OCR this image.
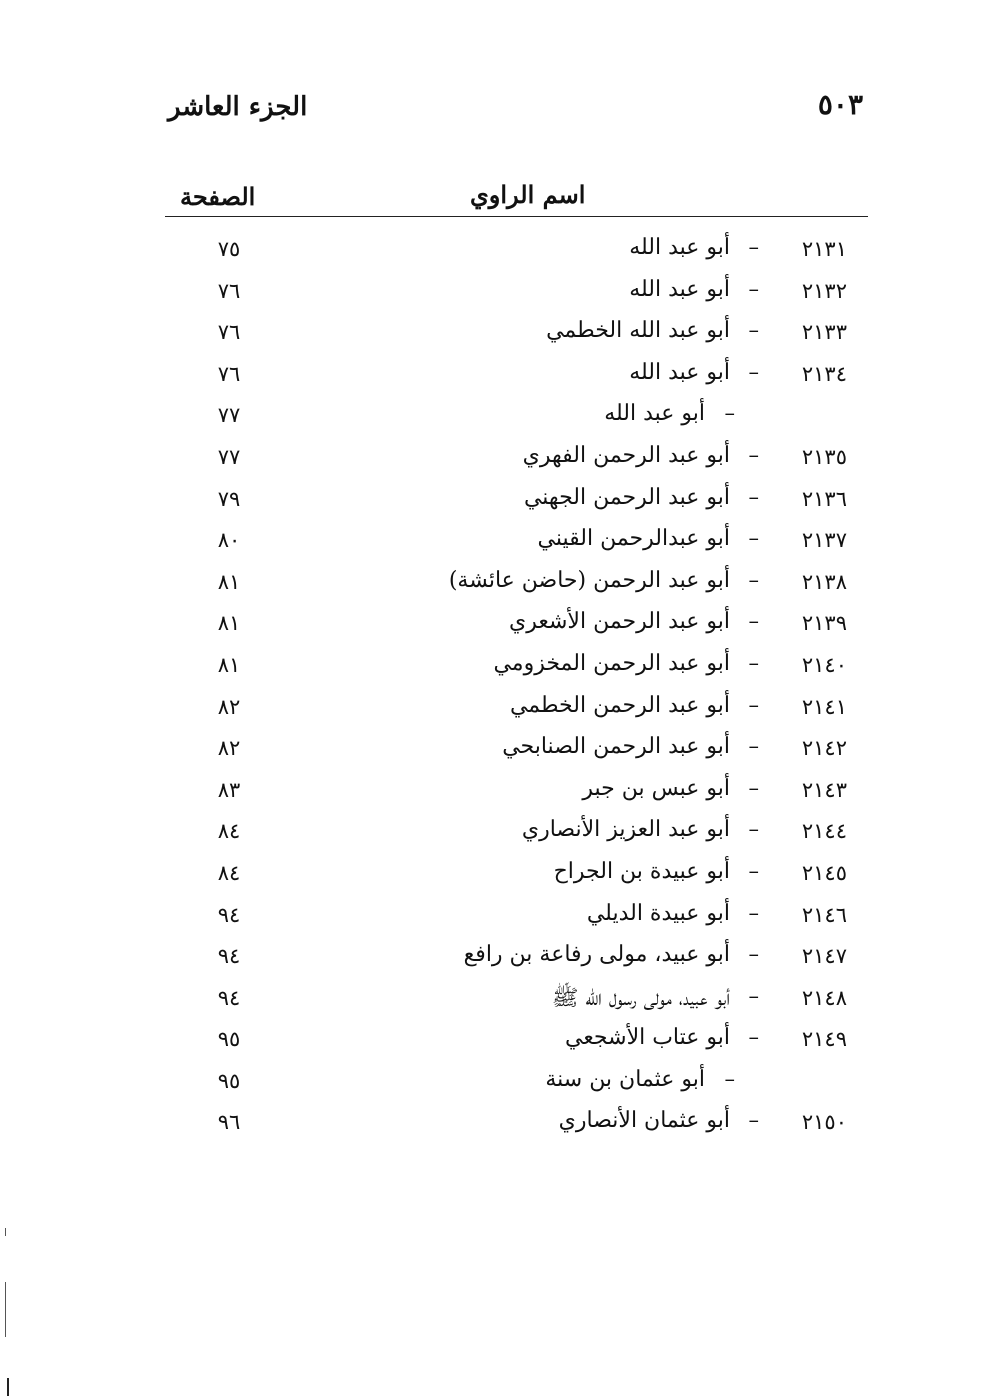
٥٠٣
الجزء العاشر
الصفحة	اسم الراوي
٢١٣١
–
أبو عبد الله
٧٥
٢١٣٢
–
أبو عبد الله
٧٦
٢١٣٣
–
أبو عبد الله الخطمي
٧٦
٢١٣٤
–
أبو عبد الله
٧٦
–
أبو عبد الله
٧٧
٢١٣٥
–
أبو عبد الرحمن الفهري
٧٧
٢١٣٦
–
أبو عبد الرحمن الجهني
٧٩
٢١٣٧
–
أبو عبدالرحمن القيني
٨٠
٢١٣٨
–
أبو عبد الرحمن (حاضن عائشة)
٨١
٢١٣٩
–
أبو عبد الرحمن الأشعري
٨١
٢١٤٠
–
أبو عبد الرحمن المخزومي
٨١
٢١٤١
–
أبو عبد الرحمن الخطمي
٨٢
٢١٤٢
–
أبو عبد الرحمن الصنابحي
٨٢
٢١٤٣
–
أبو عبس بن جبر
٨٣
٢١٤٤
–
أبو عبد العزيز الأنصاري
٨٤
٢١٤٥
–
أبو عبيدة بن الجراح
٨٤
٢١٤٦
–
أبو عبيدة الديلي
٩٤
٢١٤٧
–
أبو عبيد، مولى رفاعة بن رافع
٩٤
٢١٤٨
–
أبو عبيد، مولى رسول الله ﷺ
٩٤
٢١٤٩
–
أبو عتاب الأشجعي
٩٥
–
أبو عثمان بن سنة
٩٥
٢١٥٠
–
أبو عثمان الأنصاري
٩٦
